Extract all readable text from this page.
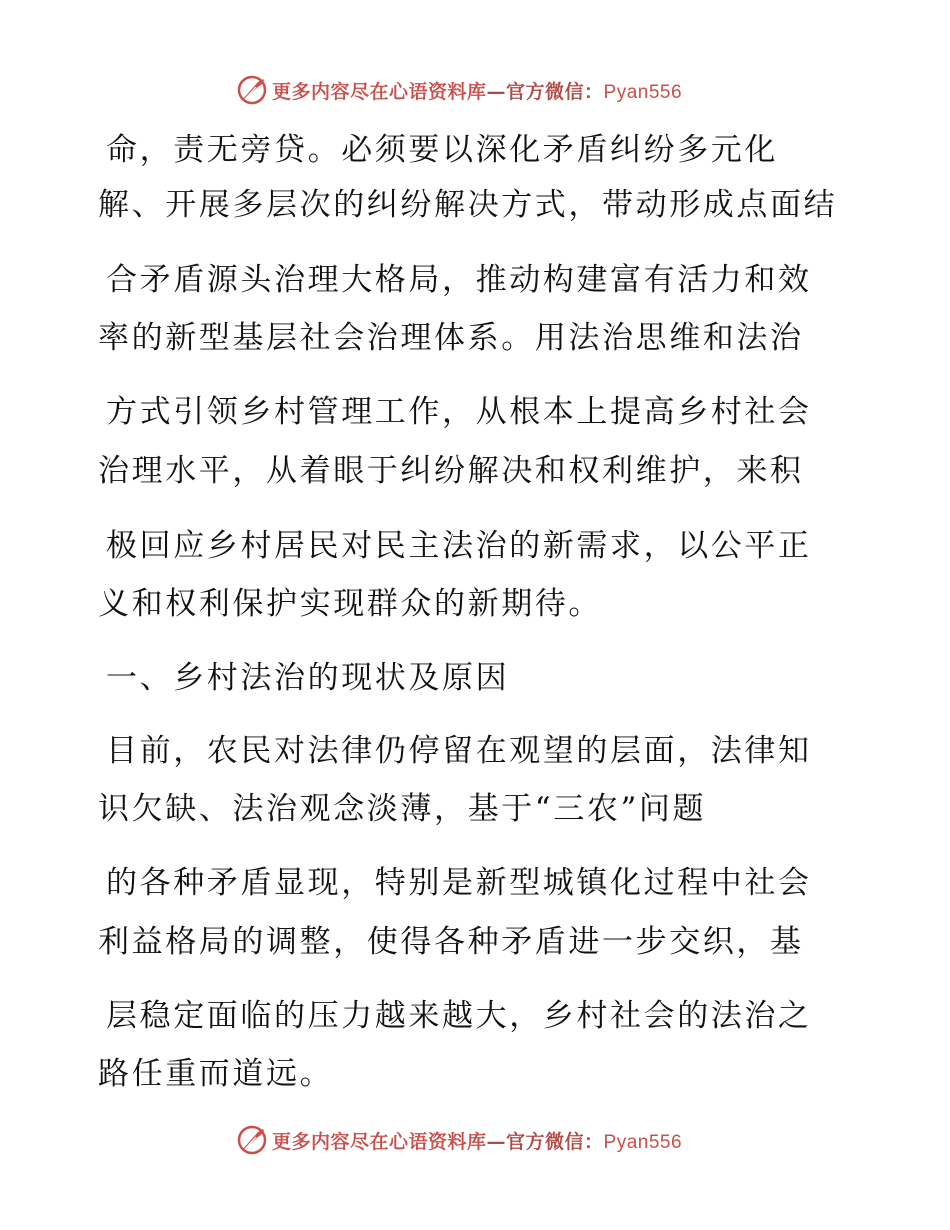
更多内容尽在心语资料库—官方微信：Pyan556
命，责无旁贷。必须要以深化矛盾纠纷多元化
解、开展多层次的纠纷解决方式，带动形成点面结
合矛盾源头治理大格局，推动构建富有活力和效
率的新型基层社会治理体系。用法治思维和法治
方式引领乡村管理工作，从根本上提高乡村社会
治理水平，从着眼于纠纷解决和权利维护，来积
极回应乡村居民对民主法治的新需求，以公平正
义和权利保护实现群众的新期待。
一、乡村法治的现状及原因
目前，农民对法律仍停留在观望的层面，法律知
识欠缺、法治观念淡薄，基于“三农”问题
的各种矛盾显现，特别是新型城镇化过程中社会
利益格局的调整，使得各种矛盾进一步交织，基
层稳定面临的压力越来越大，乡村社会的法治之
路任重而道远。
更多内容尽在心语资料库—官方微信：Pyan556
